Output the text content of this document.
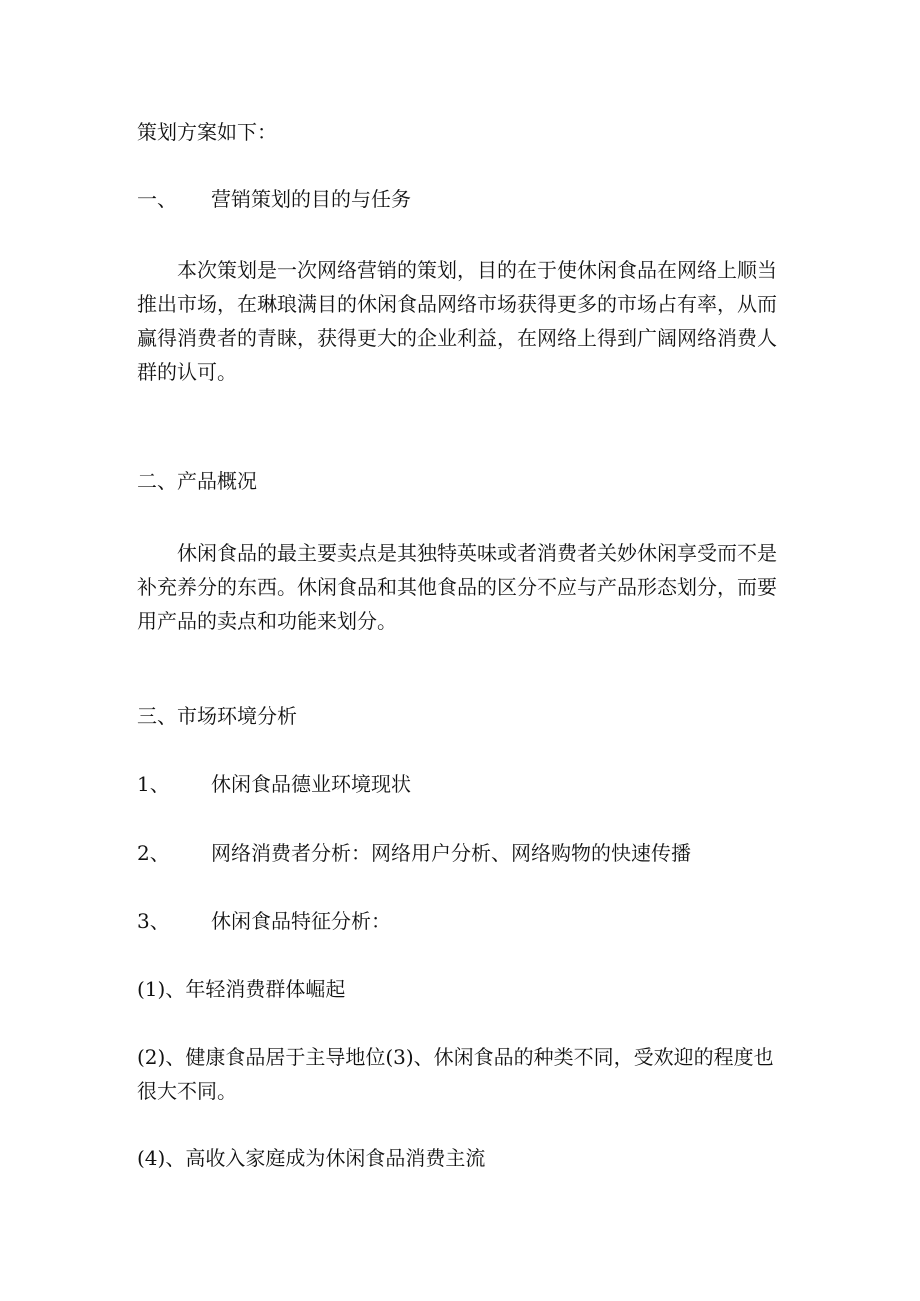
策划方案如下：
一、 营销策划的目的与任务
本次策划是一次网络营销的策划，目的在于使休闲食品在网络上顺当推出市场，在琳琅满目的休闲食品网络市场获得更多的市场占有率，从而赢得消费者的青睐，获得更大的企业利益，在网络上得到广阔网络消费人群的认可。
二、产品概况
休闲食品的最主要卖点是其独特英味或者消费者关妙休闲享受而不是补充养分的东西。休闲食品和其他食品的区分不应与产品形态划分，而要用产品的卖点和功能来划分。
三、市场环境分析
1、 休闲食品德业环境现状
2、 网络消费者分析：网络用户分析、网络购物的快速传播
3、 休闲食品特征分析：
(1)、年轻消费群体崛起
(2)、健康食品居于主导地位(3)、休闲食品的种类不同，受欢迎的程度也很大不同。
(4)、高收入家庭成为休闲食品消费主流
